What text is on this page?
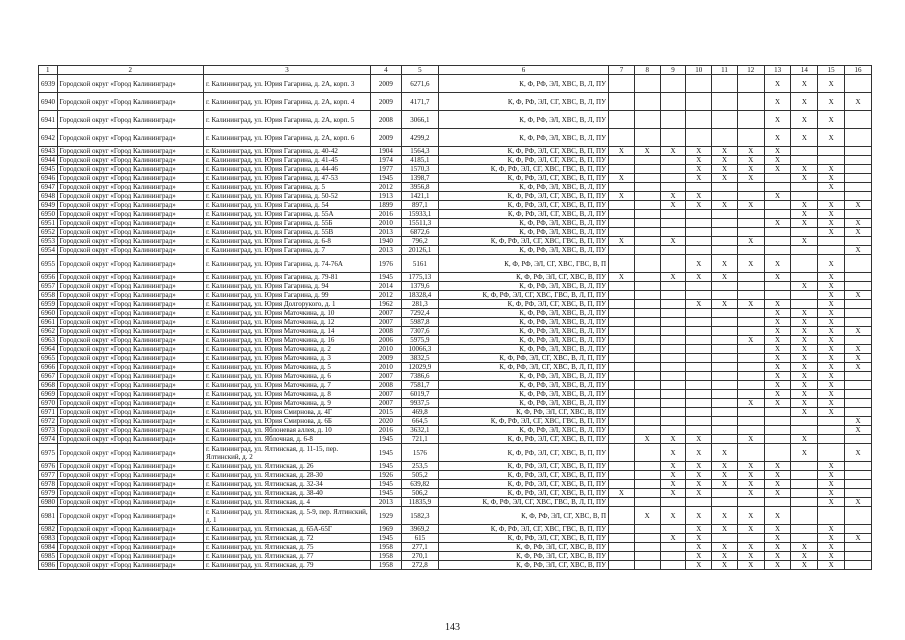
1	2	3	4	5	6	7	8	9	10	11	12	13	14	15	16
6939	Городской округ «Город Калининград»	г. Калининград, ул. Юрия Гагарина, д. 2А, корп. 3	2009	6271,6	К, Ф, РФ, ЭЛ, ХВС, В, Л, ПУ							Х	Х	Х	
6940	Городской округ «Город Калининград»	г. Калининград, ул. Юрия Гагарина, д. 2А, корп. 4	2009	4171,7	К, Ф, РФ, ЭЛ, СГ, ХВС, В, Л, ПУ							Х	Х	Х	Х
6941	Городской округ «Город Калининград»	г. Калининград, ул. Юрия Гагарина, д. 2А, корп. 5	2008	3066,1	К, Ф, РФ, ЭЛ, ХВС, В, Л, ПУ							Х	Х	Х	
6942	Городской округ «Город Калининград»	г. Калининград, ул. Юрия Гагарина, д. 2А, корп. 6	2009	4299,2	К, Ф, РФ, ЭЛ, ХВС, В, Л, ПУ							Х	Х	Х	
6943	Городской округ «Город Калининград»	г. Калининград, ул. Юрия Гагарина, д. 40-42	1904	1564,3	К, Ф, РФ, ЭЛ, СГ, ХВС, В, П, ПУ	Х	Х	Х	Х	Х	Х	Х			
6944	Городской округ «Город Калининград»	г. Калининград, ул. Юрия Гагарина, д. 41-45	1974	4185,1	К, Ф, РФ, ЭЛ, СГ, ХВС, В, П, ПУ				Х	Х	Х	Х			
6945	Городской округ «Город Калининград»	г. Калининград, ул. Юрия Гагарина, д. 44-46	1977	1570,3	К, Ф, РФ, ЭЛ, СГ, ХВС, ГВС, В, П, ПУ				Х	Х	Х	Х	Х	Х	
6946	Городской округ «Город Калининград»	г. Калининград, ул. Юрия Гагарина, д. 47-53	1945	1398,7	К, Ф, РФ, ЭЛ, СГ, ХВС, В, П, ПУ	Х			Х	Х	Х		Х	Х	
6947	Городской округ «Город Калининград»	г. Калининград, ул. Юрия Гагарина, д. 5	2012	3956,8	К, Ф, РФ, ЭЛ, ХВС, В, Л, ПУ									Х	
6948	Городской округ «Город Калининград»	г. Калининград, ул. Юрия Гагарина, д. 50-52	1913	1421,1	К, Ф, РФ, ЭЛ, СГ, ХВС, В, П, ПУ	Х		Х	Х			Х			
6949	Городской округ «Город Калининград»	г. Калининград, ул. Юрия Гагарина, д. 54	1899	897,1	К, Ф, РФ, ЭЛ, СГ, ХВС, В, П, ПУ			Х	Х	Х	Х		Х	Х	Х
6950	Городской округ «Город Калининград»	г. Калининград, ул. Юрия Гагарина, д. 55А	2016	15933,1	К, Ф, РФ, ЭЛ, СГ, ХВС, В, Л, ПУ								Х	Х	
6951	Городской округ «Город Калининград»	г. Калининград, ул. Юрия Гагарина, д. 55Б	2010	15511,3	К, Ф, РФ, ЭЛ, ХВС, В, Л, ПУ							Х	Х	Х	Х
6952	Городской округ «Город Калининград»	г. Калининград, ул. Юрия Гагарина, д. 55В	2013	6872,6	К, Ф, РФ, ЭЛ, ХВС, В, Л, ПУ									Х	Х
6953	Городской округ «Город Калининград»	г. Калининград, ул. Юрия Гагарина, д. 6-8	1940	796,2	К, Ф, РФ, ЭЛ, СГ, ХВС, ГВС, В, П, ПУ	Х		Х			Х		Х		
6954	Городской округ «Город Калининград»	г. Калининград, ул. Юрия Гагарина, д. 7	2013	20126,1	К, Ф, РФ, ЭЛ, ХВС, В, Л, ПУ										Х
6955	Городской округ «Город Калининград»	г. Калининград, ул. Юрия Гагарина, д. 74-76А	1976	5161	К, Ф, РФ, ЭЛ, СГ, ХВС, ГВС, В, П				Х	Х	Х	Х		Х	
6956	Городской округ «Город Калининград»	г. Калининград, ул. Юрия Гагарина, д. 79-81	1945	1775,13	К, Ф, РФ, ЭЛ, СГ, ХВС, В, ПУ	Х		Х	Х	Х		Х		Х	
6957	Городской округ «Город Калининград»	г. Калининград, ул. Юрия Гагарина, д. 94	2014	1379,6	К, Ф, РФ, ЭЛ, ХВС, В, Л, ПУ								Х	Х	
6958	Городской округ «Город Калининград»	г. Калининград, ул. Юрия Гагарина, д. 99	2012	18328,4	К, Ф, РФ, ЭЛ, СГ, ХВС, ГВС, В, Л, П, ПУ									Х	Х
6959	Городской округ «Город Калининград»	г. Калининград, ул. Юрия Долгорукого, д. 1	1962	281,3	К, Ф, РФ, ЭЛ, СГ, ХВС, В, П, ПУ				Х	Х	Х	Х		Х	
6960	Городской округ «Город Калининград»	г. Калининград, ул. Юрия Маточкина, д. 10	2007	7292,4	К, Ф, РФ, ЭЛ, ХВС, В, Л, ПУ							Х	Х	Х	
6961	Городской округ «Город Калининград»	г. Калининград, ул. Юрия Маточкина, д. 12	2007	5987,8	К, Ф, РФ, ЭЛ, ХВС, В, Л, ПУ							Х	Х	Х	
6962	Городской округ «Город Калининград»	г. Калининград, ул. Юрия Маточкина, д. 14	2008	7307,6	К, Ф, РФ, ЭЛ, ХВС, В, Л, ПУ							Х	Х	Х	Х
6963	Городской округ «Город Калининград»	г. Калининград, ул. Юрия Маточкина, д. 16	2006	5975,9	К, Ф, РФ, ЭЛ, ХВС, В, Л, ПУ						Х	Х	Х	Х	
6964	Городской округ «Город Калининград»	г. Калининград, ул. Юрия Маточкина, д. 2	2010	10066,3	К, Ф, РФ, ЭЛ, ХВС, В, Л, ПУ							Х	Х	Х	Х
6965	Городской округ «Город Калининград»	г. Калининград, ул. Юрия Маточкина, д. 3	2009	3832,5	К, Ф, РФ, ЭЛ, СГ, ХВС, В, Л, П, ПУ							Х	Х	Х	Х
6966	Городской округ «Город Калининград»	г. Калининград, ул. Юрия Маточкина, д. 5	2010	12029,9	К, Ф, РФ, ЭЛ, СГ, ХВС, В, Л, П, ПУ							Х	Х	Х	Х
6967	Городской округ «Город Калининград»	г. Калининград, ул. Юрия Маточкина, д. 6	2007	7386,6	К, Ф, РФ, ЭЛ, ХВС, В, Л, ПУ							Х	Х	Х	
6968	Городской округ «Город Калининград»	г. Калининград, ул. Юрия Маточкина, д. 7	2008	7581,7	К, Ф, РФ, ЭЛ, ХВС, В, Л, ПУ							Х	Х	Х	
6969	Городской округ «Город Калининград»	г. Калининград, ул. Юрия Маточкина, д. 8	2007	6019,7	К, Ф, РФ, ЭЛ, ХВС, В, Л, ПУ							Х	Х	Х	
6970	Городской округ «Город Калининград»	г. Калининград, ул. Юрия Маточкина, д. 9	2007	9937,5	К, Ф, РФ, ЭЛ, ХВС, В, Л, ПУ						Х	Х	Х	Х	
6971	Городской округ «Город Калининград»	г. Калининград, ул. Юрия Смирнова, д. 4Г	2015	469,8	К, Ф, РФ, ЭЛ, СГ, ХВС, В, ПУ								Х	Х	
6972	Городской округ «Город Калининград»	г. Калининград, ул. Юрия Смирнова, д. 6Б	2020	664,5	К, Ф, РФ, ЭЛ, СГ, ХВС, ГВС, В, П, ПУ										Х
6973	Городской округ «Город Калининград»	г. Калининград, ул. Яблоневая аллея, д. 10	2016	3632,1	К, Ф, РФ, ЭЛ, ХВС, В, Л, ПУ										Х
6974	Городской округ «Город Калининград»	г. Калининград, ул. Яблочная, д. 6-8	1945	721,1	К, Ф, РФ, ЭЛ, СГ, ХВС, В, П, ПУ		Х	Х	Х		Х		Х		
6975	Городской округ «Город Калининград»	г. Калининград, ул. Ялтинская, д. 11-15, пер. Ялтинский, д. 2	1945	1576	К, Ф, РФ, ЭЛ, СГ, ХВС, В, П, ПУ			Х	Х	Х			Х		Х
6976	Городской округ «Город Калининград»	г. Калининград, ул. Ялтинская, д. 26	1945	253,5	К, Ф, РФ, ЭЛ, СГ, ХВС, В, П, ПУ			Х	Х	Х	Х	Х		Х	
6977	Городской округ «Город Калининград»	г. Калининград, ул. Ялтинская, д. 28-30	1926	505,2	К, Ф, РФ, ЭЛ, СГ, ХВС, В, П, ПУ			Х	Х	Х	Х	Х		Х	
6978	Городской округ «Город Калининград»	г. Калининград, ул. Ялтинская, д. 32-34	1945	639,82	К, Ф, РФ, ЭЛ, СГ, ХВС, В, П, ПУ			Х	Х	Х	Х	Х		Х	
6979	Городской округ «Город Калининград»	г. Калининград, ул. Ялтинская, д. 38-40	1945	506,2	К, Ф, РФ, ЭЛ, СГ, ХВС, В, П, ПУ	Х		Х	Х		Х	Х		Х	
6980	Городской округ «Город Калининград»	г. Калининград, ул. Ялтинская, д. 4	2013	11835,9	К, Ф, РФ, ЭЛ, СГ, ХВС, ГВС, В, Л, П, ПУ									Х	Х
6981	Городской округ «Город Калининград»	г. Калининград, ул. Ялтинская, д. 5-9, пер. Ялтинский, д. 1	1929	1582,3	К, Ф, РФ, ЭЛ, СГ, ХВС, В, П		Х	Х	Х	Х	Х	Х			
6982	Городской округ «Город Калининград»	г. Калининград, ул. Ялтинская, д. 65А-65Г	1969	3969,2	К, Ф, РФ, ЭЛ, СГ, ХВС, ГВС, В, П, ПУ				Х	Х	Х	Х		Х	
6983	Городской округ «Город Калининград»	г. Калининград, ул. Ялтинская, д. 72	1945	615	К, Ф, РФ, ЭЛ, СГ, ХВС, В, П, ПУ			Х	Х			Х		Х	Х
6984	Городской округ «Город Калининград»	г. Калининград, ул. Ялтинская, д. 75	1958	277,1	К, Ф, РФ, ЭЛ, СГ, ХВС, В, ПУ				Х	Х	Х	Х	Х	Х	
6985	Городской округ «Город Калининград»	г. Калининград, ул. Ялтинская, д. 77	1958	270,1	К, Ф, РФ, ЭЛ, СГ, ХВС, В, ПУ				Х	Х	Х	Х	Х	Х	
6986	Городской округ «Город Калининград»	г. Калининград, ул. Ялтинская, д. 79	1958	272,8	К, Ф, РФ, ЭЛ, СГ, ХВС, В, ПУ				Х	Х	Х	Х	Х	Х	
143
